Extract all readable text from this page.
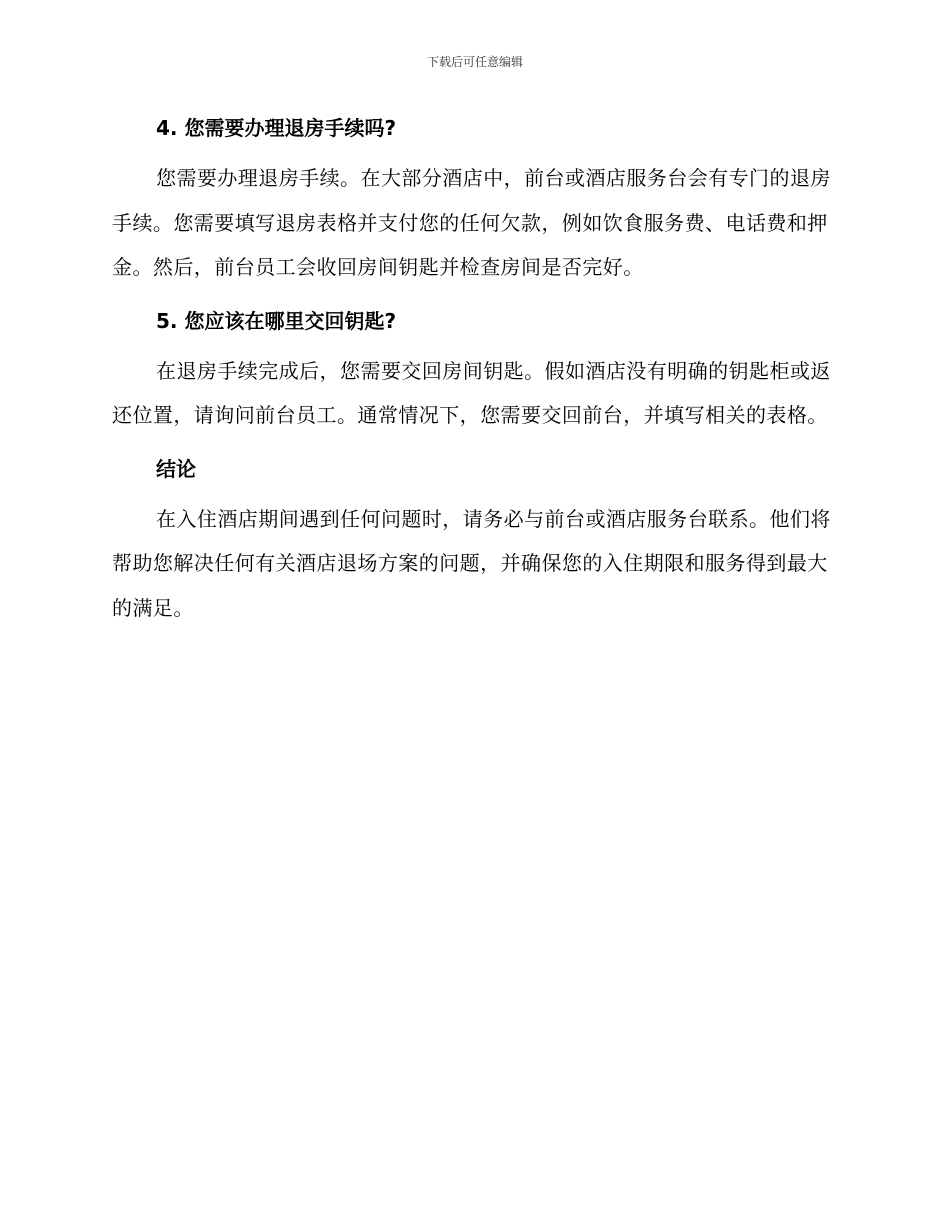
下载后可任意编辑
4. 您需要办理退房手续吗?

您需要办理退房手续。在大部分酒店中，前台或酒店服务台会有专门的退房手续。您需要填写退房表格并支付您的任何欠款，例如饮食服务费、电话费和押金。然后，前台员工会收回房间钥匙并检查房间是否完好。

5. 您应该在哪里交回钥匙?

在退房手续完成后，您需要交回房间钥匙。假如酒店没有明确的钥匙柜或返还位置，请询问前台员工。通常情况下，您需要交回前台，并填写相关的表格。

结论

在入住酒店期间遇到任何问题时，请务必与前台或酒店服务台联系。他们将帮助您解决任何有关酒店退场方案的问题，并确保您的入住期限和服务得到最大的满足。
